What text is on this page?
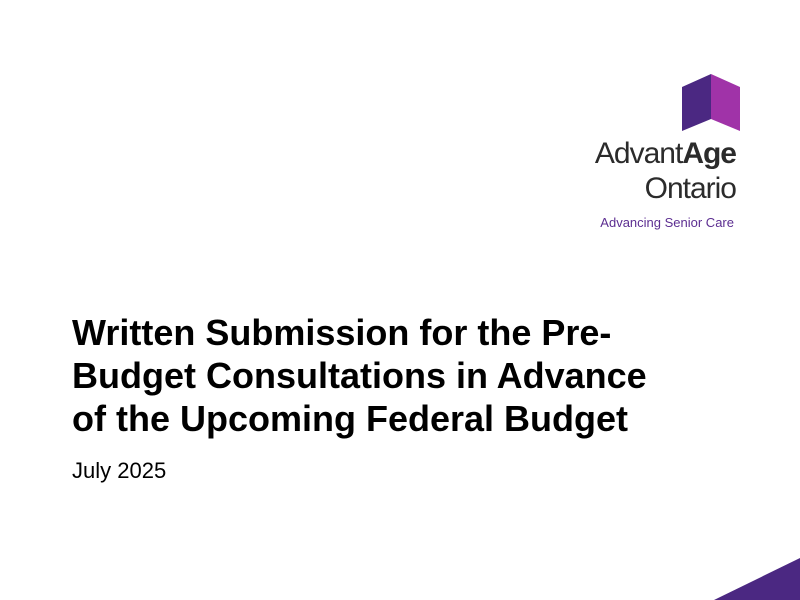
AdvantAge
Ontario
Advancing Senior Care
Written Submission for the Pre-
Budget Consultations in Advance
of the Upcoming Federal Budget
July 2025
